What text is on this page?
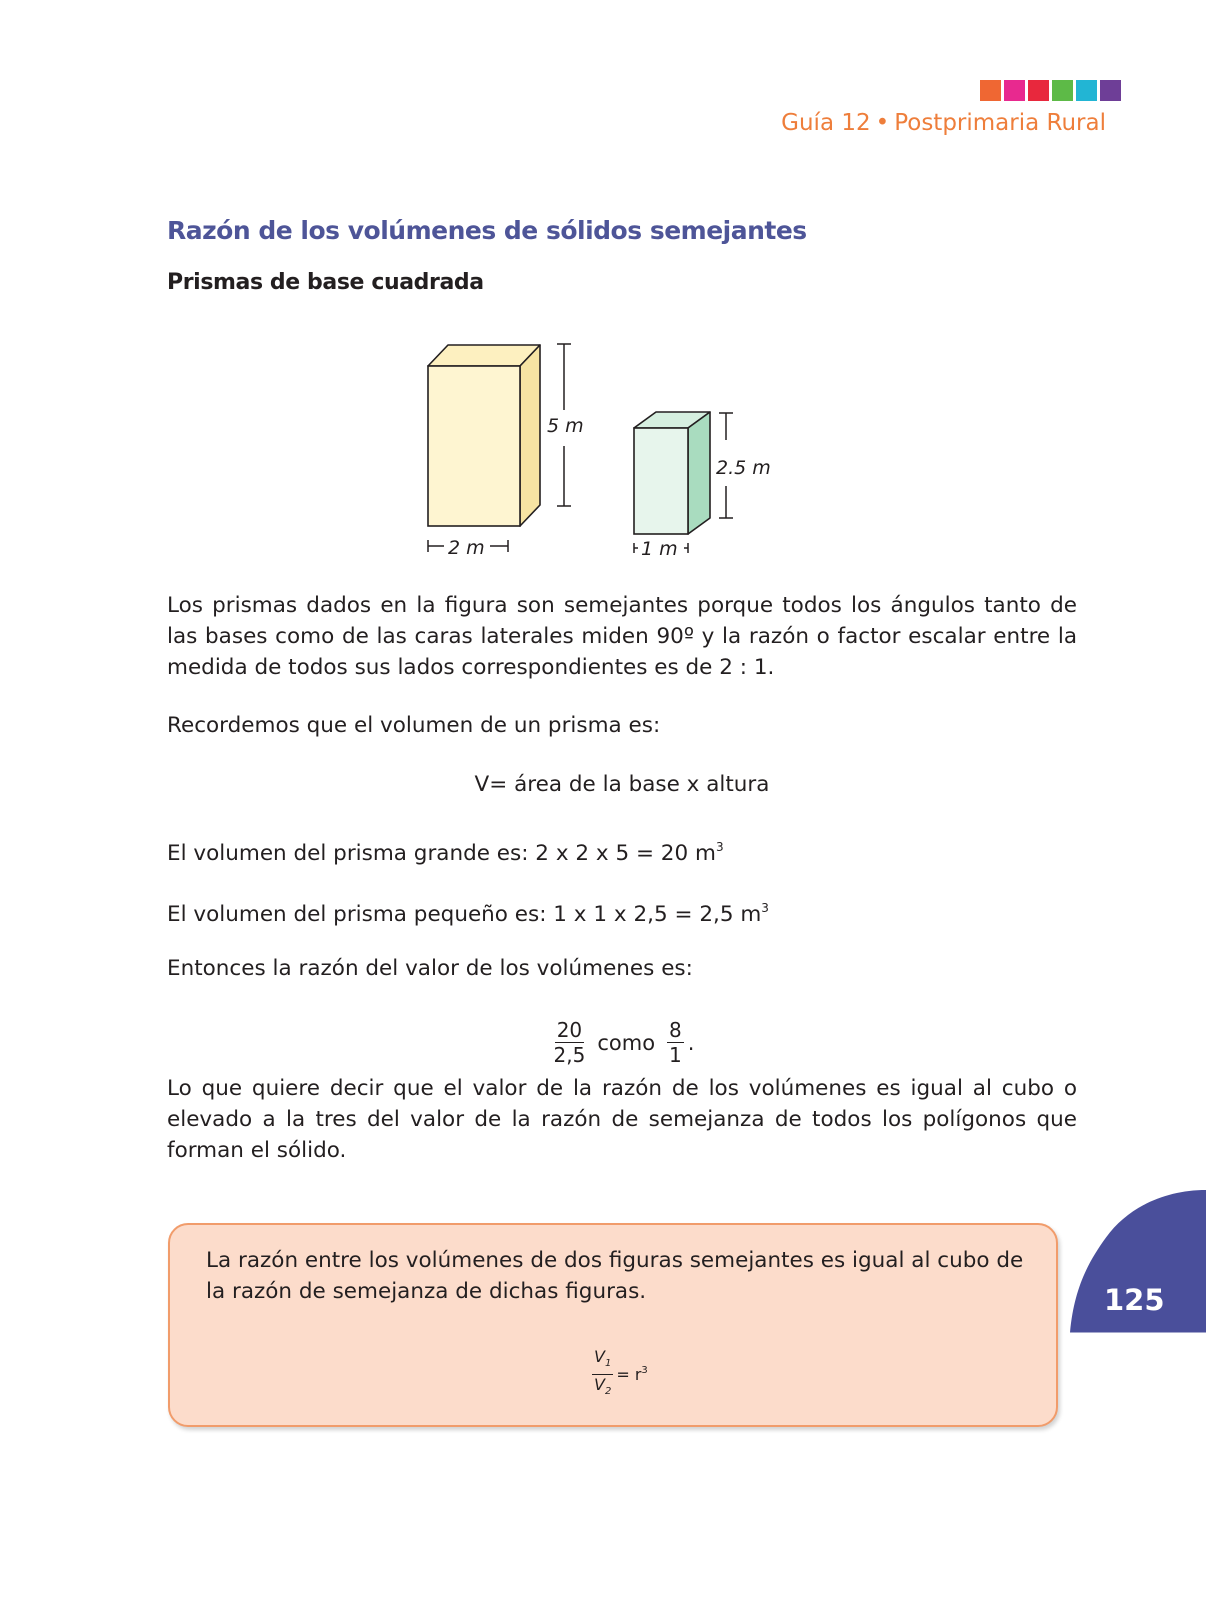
Guía 12 • Postprimaria Rural
Razón de los volúmenes de sólidos semejantes
Prismas de base cuadrada
5 m
2 m
2.5 m
1 m

Los prismas dados en la figura son semejantes porque todos los ángulos tanto de las bases como de las caras laterales miden 90º y la razón o factor escalar entre la medida de todos sus lados correspondientes es de 2 : 1.

Recordemos que el volumen de un prisma es:

V= área de la base x altura

El volumen del prisma grande es: 2 x 2 x 5 = 20 $m^3$

El volumen del prisma pequeño es: 1 x 1 x 2,5 = 2,5 $m^3$

Entonces la razón del valor de los volúmenes es:

$\frac{20}{2,5}$ como $\frac{8}{1}$ .

Lo que quiere decir que el valor de la razón de los volúmenes es igual al cubo o elevado a la tres del valor de la razón de semejanza de todos los polígonos que forman el sólido.

La razón entre los volúmenes de dos figuras semejantes es igual al cubo de la razón de semejanza de dichas figuras.

$\frac{V_1}{V_2} = r^3$
125
